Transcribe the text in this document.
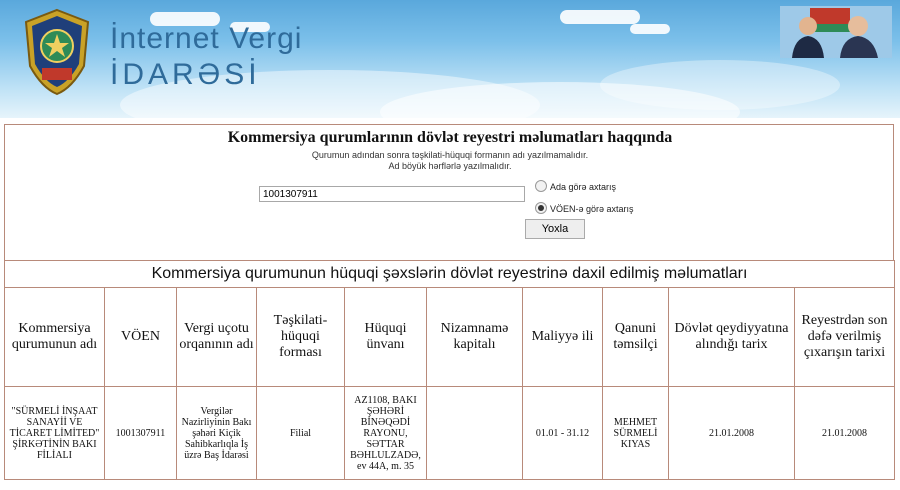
İnternet Vergi
İDARƏSİ
Kommersiya qurumlarının dövlət reyestri məlumatları haqqında
Qurumun adından sonra təşkilati-hüquqi formanın adı yazılmamalıdır.
Ad böyük hərflərlə yazılmalıdır.
1001307911
Ada görə axtarış
VÖEN-ə görə axtarış
Yoxla
Kommersiya qurumunun hüquqi şəxslərin dövlət reyestrinə daxil edilmiş məlumatları									
Kommersiya qurumunun adı	VÖEN	Vergi uçotu orqanının adı	Təşkilati-hüquqi forması	Hüquqi ünvanı	Nizamnamə kapitalı	Maliyyə ili	Qanuni təmsilçi	Dövlət qeydiyyatına alındığı tarix	Reyestrdən son dəfə verilmiş çıxarışın tarixi
"SÜRMELİ İNŞAAT SANAYİİ VE TİCARET LİMİTED" ŞİRKƏTİNİN BAKI FİLİALI	1001307911	Vergilər Nazirliyinin Bakı şəhəri Kiçik Sahibkarlıqla İş üzrə Baş İdarəsi	Filial	AZ1108, BAKI ŞƏHƏRİ BİNƏQƏDİ RAYONU, SƏTTAR BƏHLULZADƏ, ev 44A, m. 35		01.01 - 31.12	MEHMET SÜRMELİ KIYAS	21.01.2008	21.01.2008
